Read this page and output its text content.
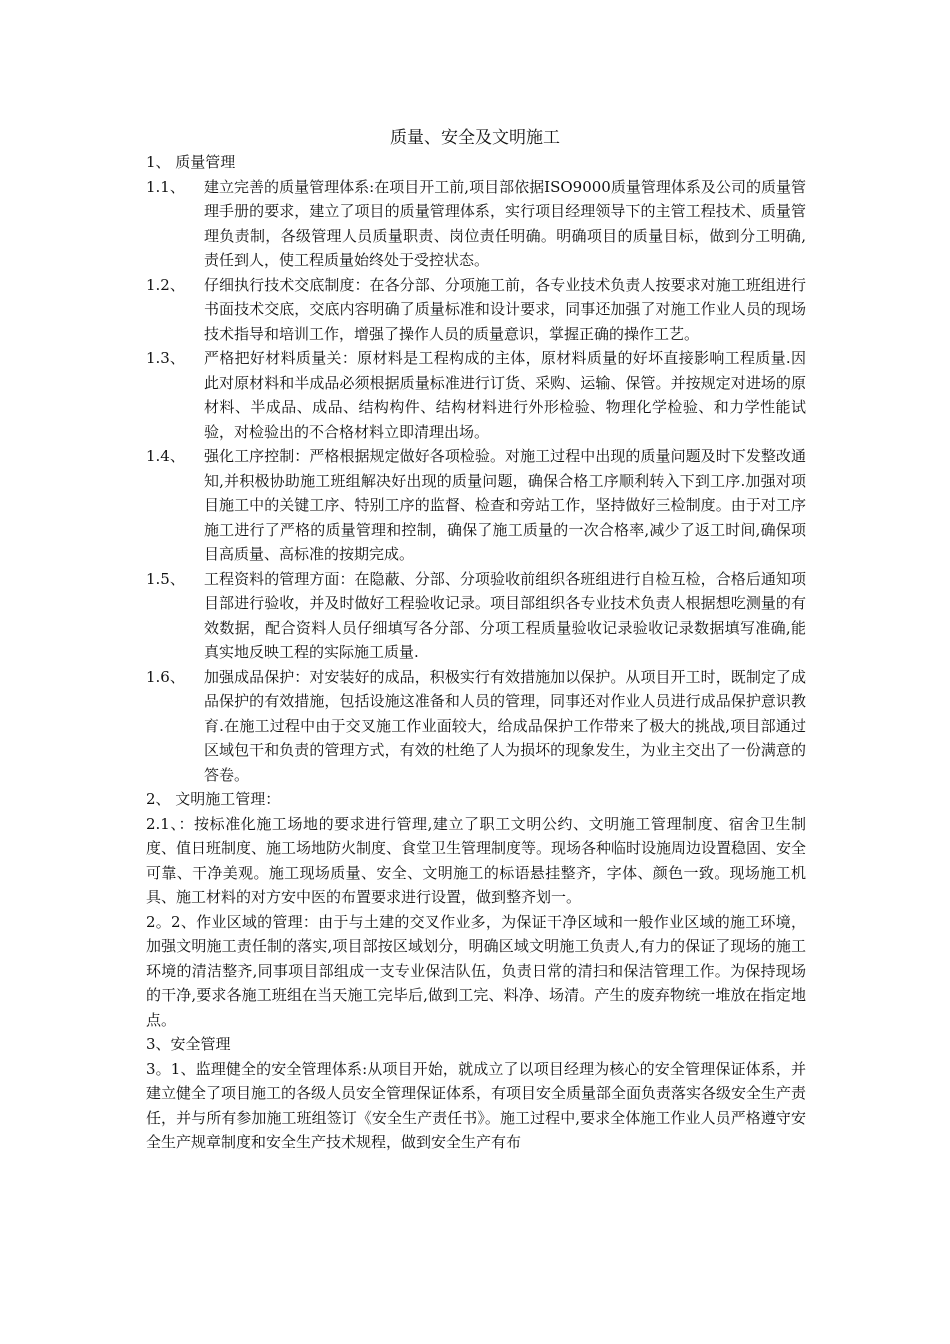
质量、安全及文明施工

1、 质量管理

1.1、	建立完善的质量管理体系:在项目开工前,项目部依据ISO9000质量管理体系及公司的质量管理手册的要求，建立了项目的质量管理体系，实行项目经理领导下的主管工程技术、质量管理负责制，各级管理人员质量职责、岗位责任明确。明确项目的质量目标，做到分工明确,责任到人，使工程质量始终处于受控状态。
1.2、	仔细执行技术交底制度：在各分部、分项施工前，各专业技术负责人按要求对施工班组进行书面技术交底，交底内容明确了质量标准和设计要求，同事还加强了对施工作业人员的现场技术指导和培训工作，增强了操作人员的质量意识，掌握正确的操作工艺。
1.3、	严格把好材料质量关：原材料是工程构成的主体，原材料质量的好坏直接影响工程质量.因此对原材料和半成品必须根据质量标准进行订货、采购、运输、保管。并按规定对进场的原材料、半成品、成品、结构构件、结构材料进行外形检验、物理化学检验、和力学性能试验，对检验出的不合格材料立即清理出场。
1.4、	强化工序控制：严格根据规定做好各项检验。对施工过程中出现的质量问题及时下发整改通知,并积极协助施工班组解决好出现的质量问题，确保合格工序顺利转入下到工序.加强对项目施工中的关键工序、特别工序的监督、检查和旁站工作，坚持做好三检制度。由于对工序施工进行了严格的质量管理和控制，确保了施工质量的一次合格率,减少了返工时间,确保项目高质量、高标准的按期完成。
1.5、	工程资料的管理方面：在隐蔽、分部、分项验收前组织各班组进行自检互检，合格后通知项目部进行验收，并及时做好工程验收记录。项目部组织各专业技术负责人根据想吃测量的有效数据，配合资料人员仔细填写各分部、分项工程质量验收记录验收记录数据填写准确,能真实地反映工程的实际施工质量.
1.6、	加强成品保护：对安装好的成品，积极实行有效措施加以保护。从项目开工时，既制定了成品保护的有效措施，包括设施这准备和人员的管理，同事还对作业人员进行成品保护意识教育.在施工过程中由于交叉施工作业面较大，给成品保护工作带来了极大的挑战,项目部通过区域包干和负责的管理方式，有效的杜绝了人为损坏的现象发生，为业主交出了一份满意的答卷。

2、 文明施工管理：

2.1、：按标准化施工场地的要求进行管理,建立了职工文明公约、文明施工管理制度、宿舍卫生制度、值日班制度、施工场地防火制度、食堂卫生管理制度等。现场各种临时设施周边设置稳固、安全可靠、干净美观。施工现场质量、安全、文明施工的标语悬挂整齐，字体、颜色一致。现场施工机具、施工材料的对方安中医的布置要求进行设置，做到整齐划一。

2。2、作业区域的管理：由于与土建的交叉作业多，为保证干净区域和一般作业区域的施工环境，加强文明施工责任制的落实,项目部按区域划分，明确区域文明施工负责人,有力的保证了现场的施工环境的清洁整齐,同事项目部组成一支专业保洁队伍，负责日常的清扫和保洁管理工作。为保持现场的干净,要求各施工班组在当天施工完毕后,做到工完、料净、场清。产生的废弃物统一堆放在指定地点。

3、安全管理

3。1、监理健全的安全管理体系:从项目开始，就成立了以项目经理为核心的安全管理保证体系，并建立健全了项目施工的各级人员安全管理保证体系，有项目安全质量部全面负责落实各级安全生产责任，并与所有参加施工班组签订《安全生产责任书》。施工过程中,要求全体施工作业人员严格遵守安全生产规章制度和安全生产技术规程，做到安全生产有布
